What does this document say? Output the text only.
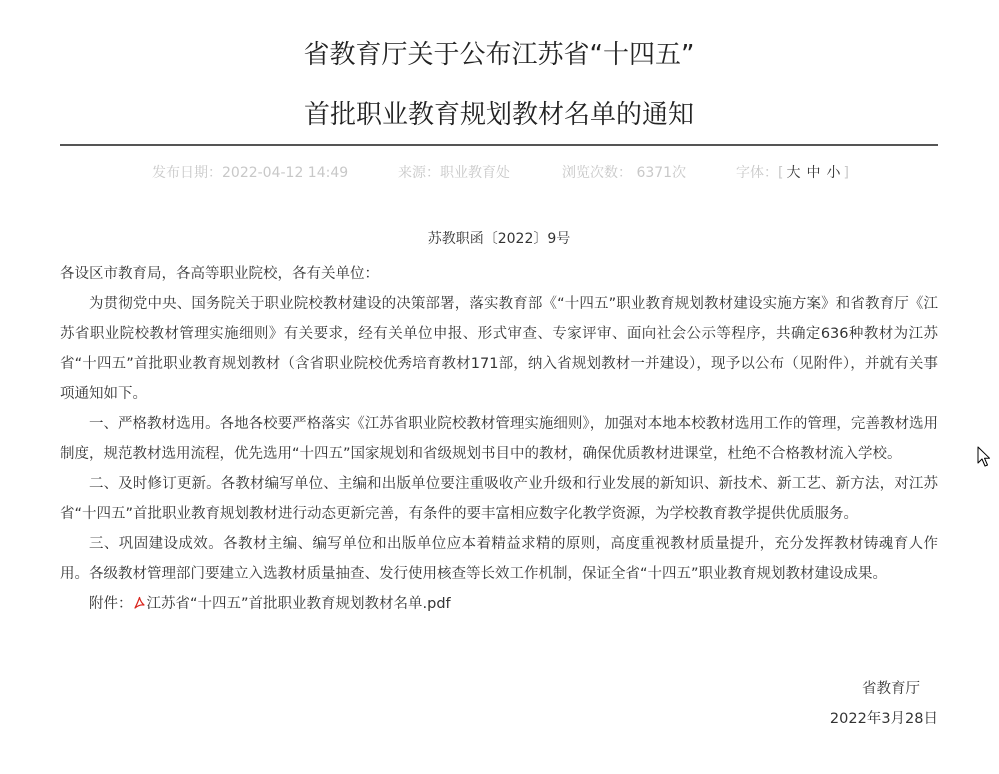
省教育厅关于公布江苏省“十四五”
首批职业教育规划教材名单的通知
发布日期：2022-04-12 14:49	来源：职业教育处	浏览次数： 6371次	字体：[ 大 中 小 ]
苏教职函〔2022〕9号

各设区市教育局，各高等职业院校，各有关单位：

为贯彻党中央、国务院关于职业院校教材建设的决策部署，落实教育部《“十四五”职业教育规划教材建设实施方案》和省教育厅《江苏省职业院校教材管理实施细则》有关要求，经有关单位申报、形式审查、专家评审、面向社会公示等程序，共确定636种教材为江苏省“十四五”首批职业教育规划教材（含省职业院校优秀培育教材171部，纳入省规划教材一并建设），现予以公布（见附件），并就有关事项通知如下。

一、严格教材选用。各地各校要严格落实《江苏省职业院校教材管理实施细则》，加强对本地本校教材选用工作的管理，完善教材选用制度，规范教材选用流程，优先选用“十四五”国家规划和省级规划书目中的教材，确保优质教材进课堂，杜绝不合格教材流入学校。

二、及时修订更新。各教材编写单位、主编和出版单位要注重吸收产业升级和行业发展的新知识、新技术、新工艺、新方法，对江苏省“十四五”首批职业教育规划教材进行动态更新完善，有条件的要丰富相应数字化教学资源，为学校教育教学提供优质服务。

三、巩固建设成效。各教材主编、编写单位和出版单位应本着精益求精的原则，高度重视教材质量提升，充分发挥教材铸魂育人作用。各级教材管理部门要建立入选教材质量抽查、发行使用核查等长效工作机制，保证全省“十四五”职业教育规划教材建设成果。

附件： 江苏省“十四五”首批职业教育规划教材名单.pdf

省教育厅
2022年3月28日
